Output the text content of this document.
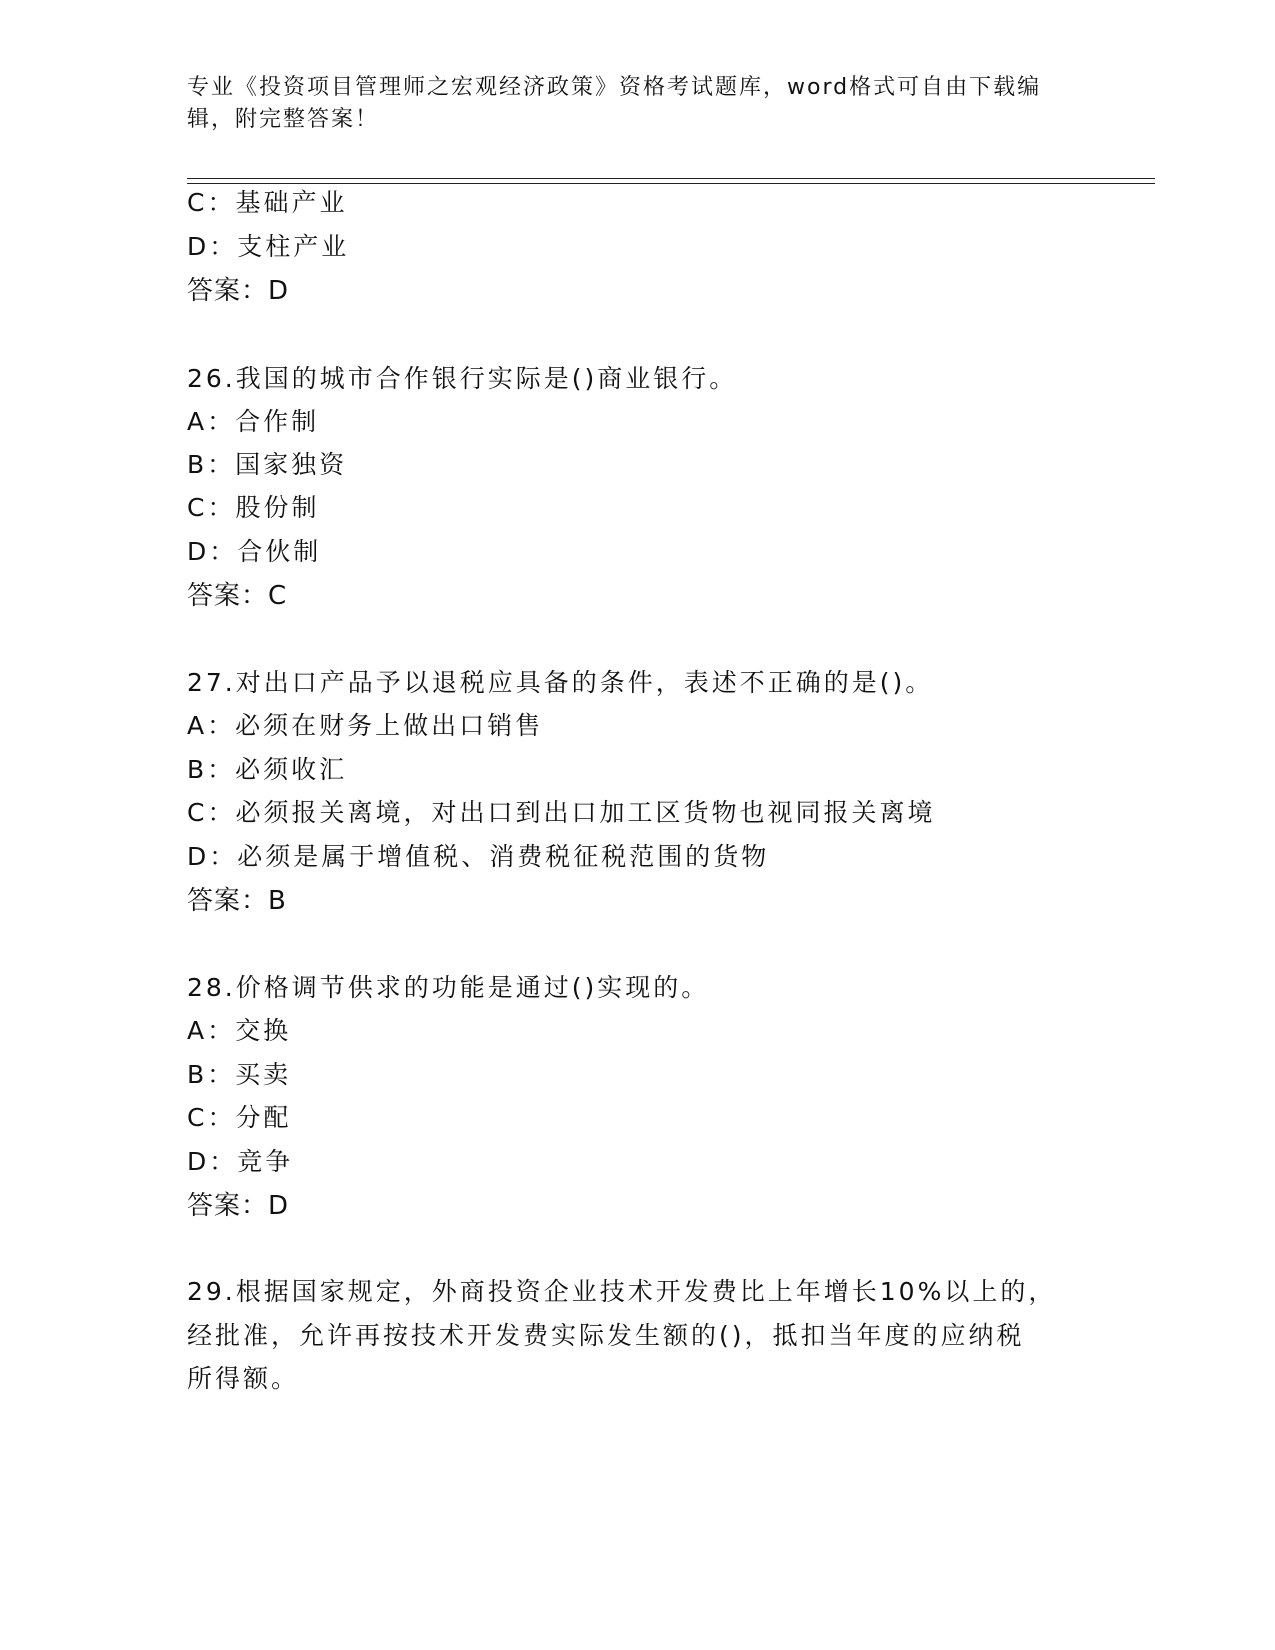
专业《投资项目管理师之宏观经济政策》资格考试题库，word格式可自由下载编
辑，附完整答案！
C：基础产业
D：支柱产业
答案：D
26.我国的城市合作银行实际是()商业银行。
A：合作制
B：国家独资
C：股份制
D：合伙制
答案：C
27.对出口产品予以退税应具备的条件，表述不正确的是()。
A：必须在财务上做出口销售
B：必须收汇
C：必须报关离境，对出口到出口加工区货物也视同报关离境
D：必须是属于增值税、消费税征税范围的货物
答案：B
28.价格调节供求的功能是通过()实现的。
A：交换
B：买卖
C：分配
D：竞争
答案：D
29.根据国家规定，外商投资企业技术开发费比上年增长10%以上的，
经批准，允许再按技术开发费实际发生额的()，抵扣当年度的应纳税
所得额。
